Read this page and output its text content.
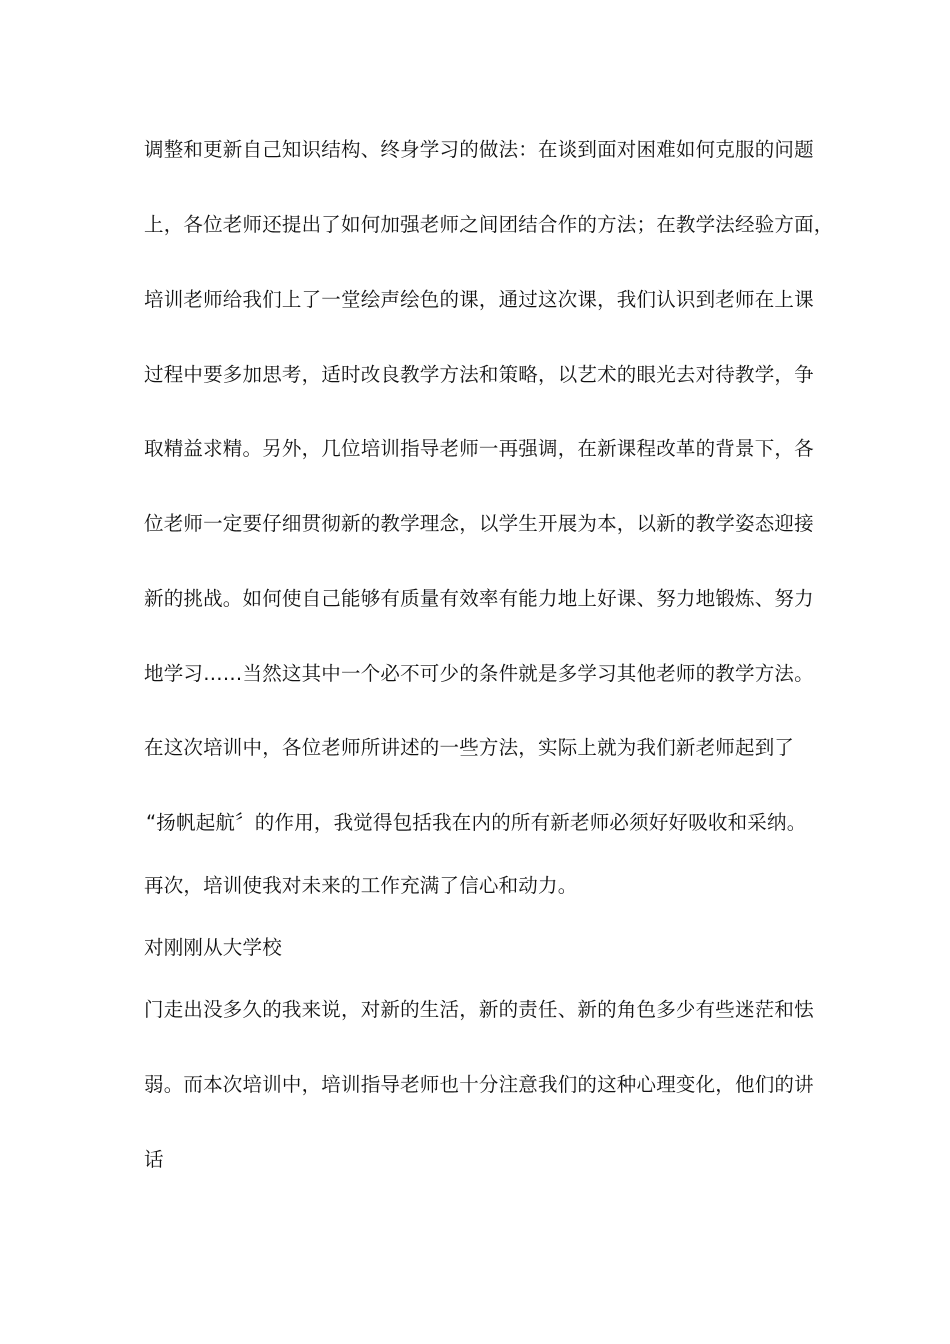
调整和更新自己知识结构、终身学习的做法：在谈到面对困难如何克服的问题
上，各位老师还提出了如何加强老师之间团结合作的方法；在教学法经验方面，
培训老师给我们上了一堂绘声绘色的课，通过这次课，我们认识到老师在上课
过程中要多加思考，适时改良教学方法和策略，以艺术的眼光去对待教学，争
取精益求精。另外，几位培训指导老师一再强调，在新课程改革的背景下，各
位老师一定要仔细贯彻新的教学理念，以学生开展为本，以新的教学姿态迎接
新的挑战。如何使自己能够有质量有效率有能力地上好课、努力地锻炼、努力
地学习……当然这其中一个必不可少的条件就是多学习其他老师的教学方法。
在这次培训中，各位老师所讲述的一些方法，实际上就为我们新老师起到了
“扬帆起航〞的作用，我觉得包括我在内的所有新老师必须好好吸收和采纳。
再次，培训使我对未来的工作充满了信心和动力。
对刚刚从大学校
门走出没多久的我来说，对新的生活，新的责任、新的角色多少有些迷茫和怯
弱。而本次培训中，培训指导老师也十分注意我们的这种心理变化，他们的讲
话
